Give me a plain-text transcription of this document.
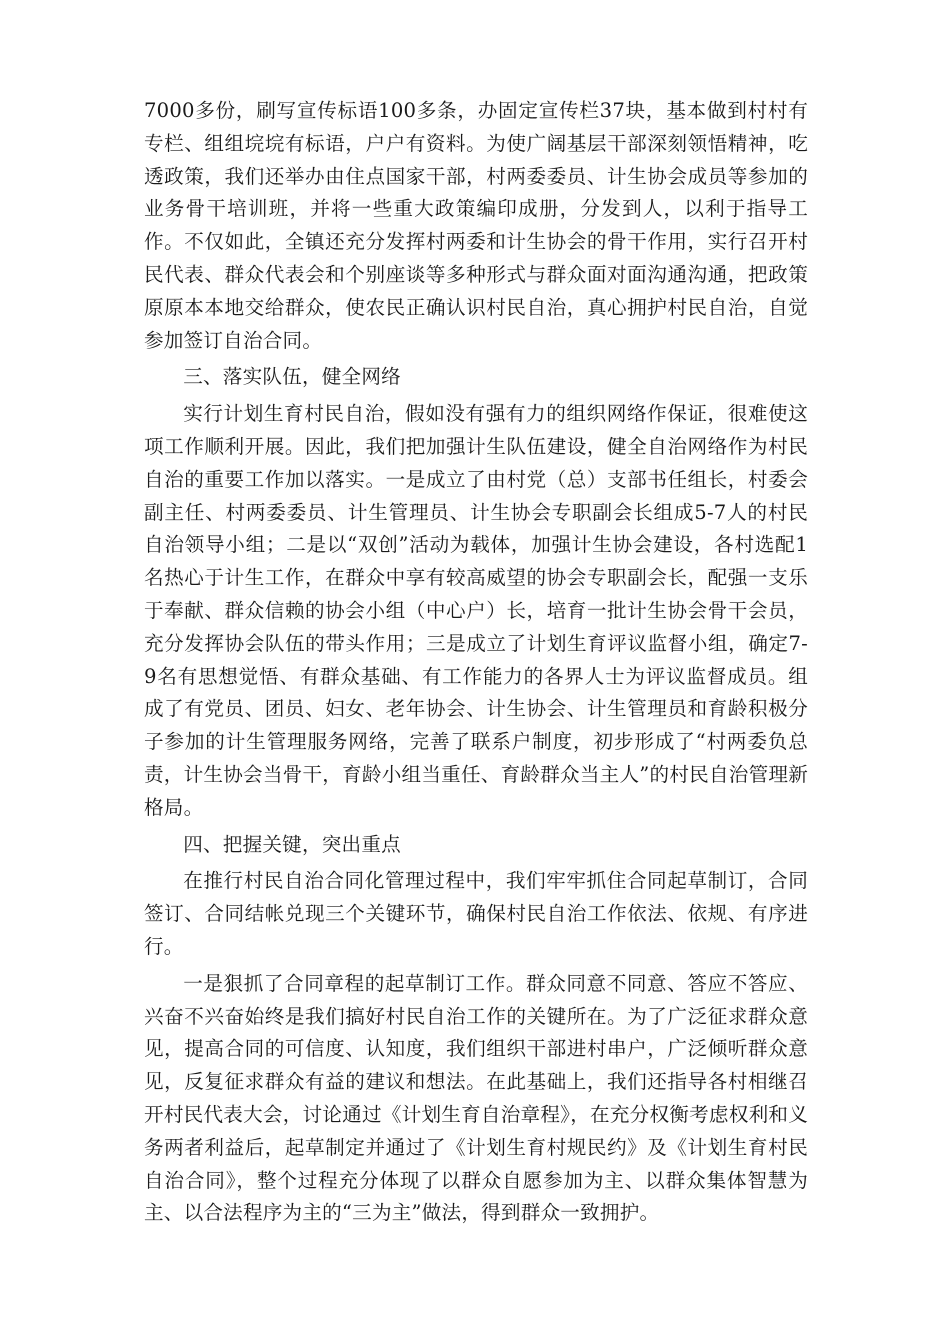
7000多份，刷写宣传标语100多条，办固定宣传栏37块，基本做到村村有专栏、组组垸垸有标语，户户有资料。为使广阔基层干部深刻领悟精神，吃透政策，我们还举办由住点国家干部，村两委委员、计生协会成员等参加的业务骨干培训班，并将一些重大政策编印成册，分发到人，以利于指导工作。不仅如此，全镇还充分发挥村两委和计生协会的骨干作用，实行召开村民代表、群众代表会和个别座谈等多种形式与群众面对面沟通沟通，把政策原原本本地交给群众，使农民正确认识村民自治，真心拥护村民自治，自觉参加签订自治合同。

三、落实队伍，健全网络

实行计划生育村民自治，假如没有强有力的组织网络作保证，很难使这项工作顺利开展。因此，我们把加强计生队伍建设，健全自治网络作为村民自治的重要工作加以落实。一是成立了由村党（总）支部书任组长，村委会副主任、村两委委员、计生管理员、计生协会专职副会长组成5-7人的村民自治领导小组；二是以“双创”活动为载体，加强计生协会建设，各村选配1名热心于计生工作，在群众中享有较高威望的协会专职副会长，配强一支乐于奉献、群众信赖的协会小组（中心户）长，培育一批计生协会骨干会员，充分发挥协会队伍的带头作用；三是成立了计划生育评议监督小组，确定7-9名有思想觉悟、有群众基础、有工作能力的各界人士为评议监督成员。组成了有党员、团员、妇女、老年协会、计生协会、计生管理员和育龄积极分子参加的计生管理服务网络，完善了联系户制度，初步形成了“村两委负总责，计生协会当骨干，育龄小组当重任、育龄群众当主人”的村民自治管理新格局。

四、把握关键，突出重点

在推行村民自治合同化管理过程中，我们牢牢抓住合同起草制订，合同签订、合同结帐兑现三个关键环节，确保村民自治工作依法、依规、有序进行。

一是狠抓了合同章程的起草制订工作。群众同意不同意、答应不答应、兴奋不兴奋始终是我们搞好村民自治工作的关键所在。为了广泛征求群众意见，提高合同的可信度、认知度，我们组织干部进村串户，广泛倾听群众意见，反复征求群众有益的建议和想法。在此基础上，我们还指导各村相继召开村民代表大会，讨论通过《计划生育自治章程》，在充分权衡考虑权利和义务两者利益后，起草制定并通过了《计划生育村规民约》及《计划生育村民自治合同》，整个过程充分体现了以群众自愿参加为主、以群众集体智慧为主、以合法程序为主的“三为主”做法，得到群众一致拥护。
